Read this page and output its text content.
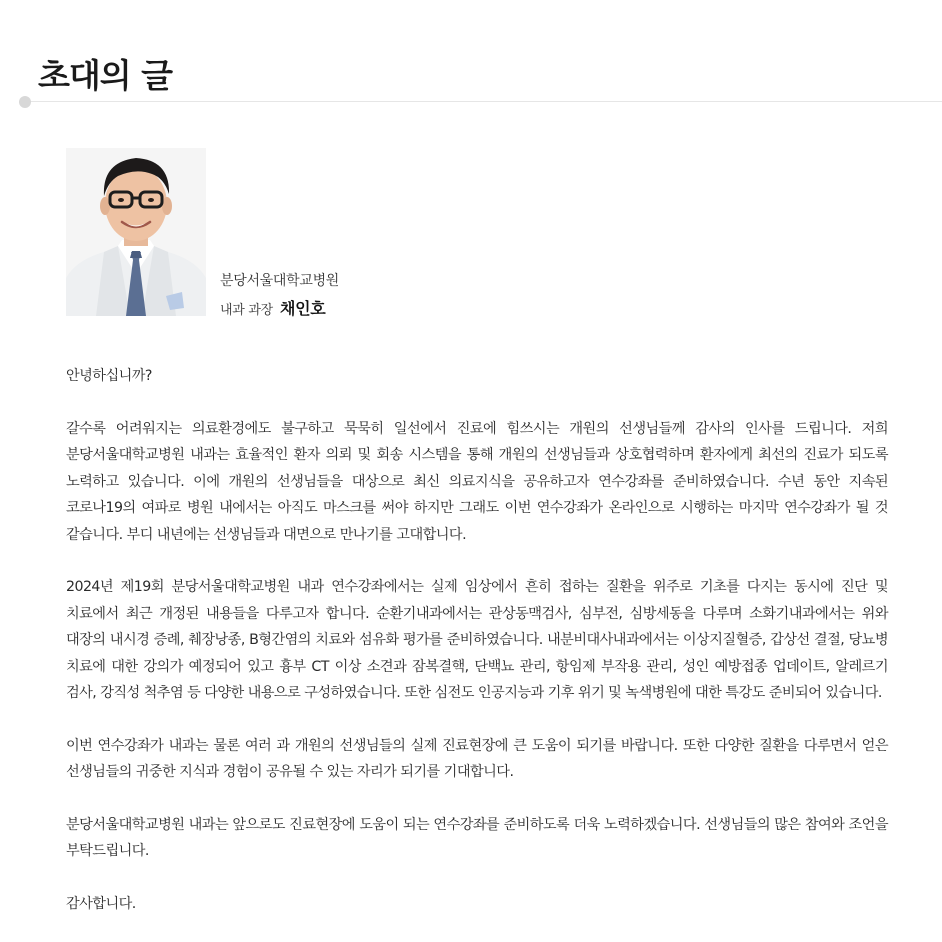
초대의 글
분당서울대학교병원
내과 과장 채인호

안녕하십니까?

갈수록 어려워지는 의료환경에도 불구하고 묵묵히 일선에서 진료에 힘쓰시는 개원의 선생님들께 감사의 인사를 드립니다. 저희 분당서울대학교병원 내과는 효율적인 환자 의뢰 및 회송 시스템을 통해 개원의 선생님들과 상호협력하며 환자에게 최선의 진료가 되도록 노력하고 있습니다. 이에 개원의 선생님들을 대상으로 최신 의료지식을 공유하고자 연수강좌를 준비하였습니다. 수년 동안 지속된 코로나19의 여파로 병원 내에서는 아직도 마스크를 써야 하지만 그래도 이번 연수강좌가 온라인으로 시행하는 마지막 연수강좌가 될 것 같습니다. 부디 내년에는 선생님들과 대면으로 만나기를 고대합니다.

2024년 제19회 분당서울대학교병원 내과 연수강좌에서는 실제 임상에서 흔히 접하는 질환을 위주로 기초를 다지는 동시에 진단 및 치료에서 최근 개정된 내용들을 다루고자 합니다. 순환기내과에서는 관상동맥검사, 심부전, 심방세동을 다루며 소화기내과에서는 위와 대장의 내시경 증례, 췌장낭종, B형간염의 치료와 섬유화 평가를 준비하였습니다. 내분비대사내과에서는 이상지질혈증, 갑상선 결절, 당뇨병 치료에 대한 강의가 예정되어 있고 흉부 CT 이상 소견과 잠복결핵, 단백뇨 관리, 항임제 부작용 관리, 성인 예방접종 업데이트, 알레르기 검사, 강직성 척추염 등 다양한 내용으로 구성하였습니다. 또한 심전도 인공지능과 기후 위기 및 녹색병원에 대한 특강도 준비되어 있습니다.

이번 연수강좌가 내과는 물론 여러 과 개원의 선생님들의 실제 진료현장에 큰 도움이 되기를 바랍니다. 또한 다양한 질환을 다루면서 얻은 선생님들의 귀중한 지식과 경험이 공유될 수 있는 자리가 되기를 기대합니다.

분당서울대학교병원 내과는 앞으로도 진료현장에 도움이 되는 연수강좌를 준비하도록 더욱 노력하겠습니다. 선생님들의 많은 참여와 조언을 부탁드립니다.

감사합니다.
